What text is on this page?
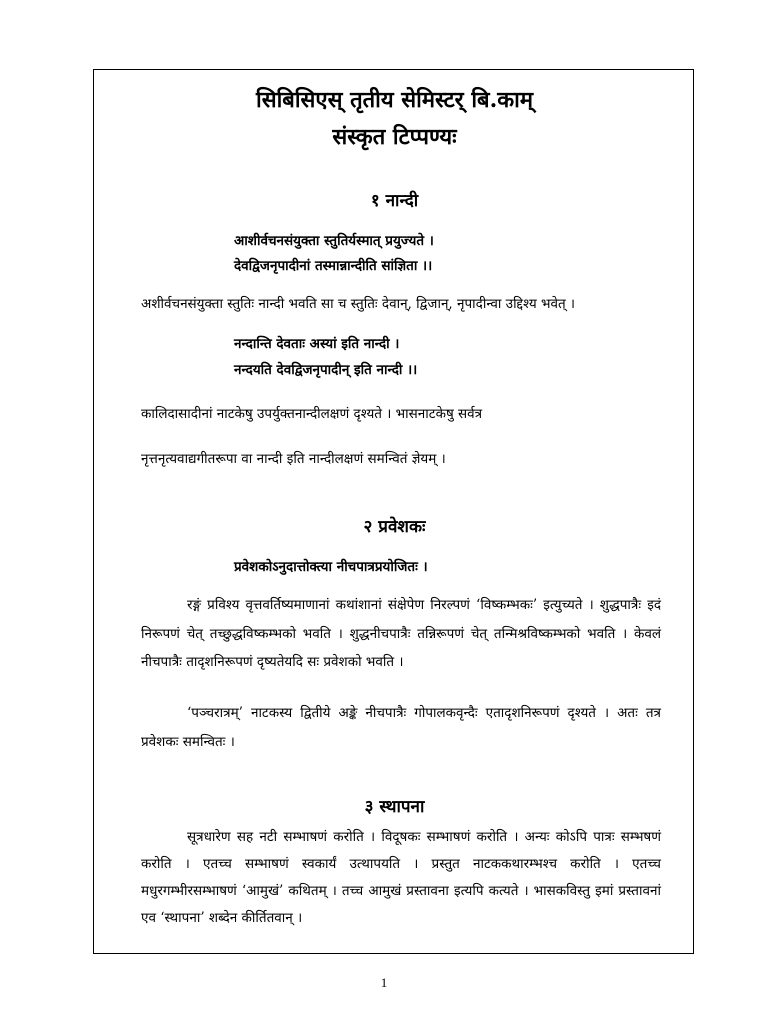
सिबिसिएस् तृतीय सेमिस्टर् बि.काम्

संस्कृत टिप्पण्यः

१ नान्दी

आशीर्वचनसंयुक्ता स्तुतिर्यस्मात् प्रयुज्यते ।

देवद्विजनृपादीनां तस्मान्नान्दीति सांज्ञिता ।।

अशीर्वचनसंयुक्ता स्तुतिः नान्दी भवति सा च स्तुतिः देवान्, द्विजान्, नृपादीन्वा उद्दिश्य भवेत् ।

नन्दान्ति देवताः अस्यां इति नान्दी ।

नन्दयति देवद्विजनृपादीन् इति नान्दी ।।

कालिदासादीनां नाटकेषु उपर्युक्तनान्दीलक्षणं दृश्यते । भासनाटकेषु सर्वत्र

नृत्तनृत्यवाद्यगीतरूपा वा नान्दी इति नान्दीलक्षणं समन्वितं ज्ञेयम् ।

२ प्रवेशकः

प्रवेशकोऽनुदात्तोक्त्या नीचपात्रप्रयोजितः ।

रङ्गं प्रविश्य वृत्तवर्तिष्यमाणानां कथांशानां संक्षेपेण निरल्पणं ‘विष्कम्भकः’ इत्युच्यते । शुद्धपात्रैः इदं निरूपणं चेत् तच्छुद्धविष्कम्भको भवति । शुद्धनीचपात्रैः तन्निरूपणं चेत् तन्मिश्रविष्कम्भको भवति । केवलं नीचपात्रैः तादृशनिरूपणं दृष्यतेयदि सः प्रवेशको भवति ।

‘पञ्चरात्रम्’ नाटकस्य द्वितीये अङ्के नीचपात्रैः गोपालकवृन्दैः एतादृशनिरूपणं दृश्यते । अतः तत्र प्रवेशकः समन्वितः ।

३ स्थापना

सूत्रधारेण सह नटी सम्भाषणं करोति । विदूषकः सम्भाषणं करोति । अन्यः कोऽपि पात्रः सम्भषणं करोति । एतच्च सम्भाषणं स्वकार्यं उत्थापयति । प्रस्तुत नाटककथारम्भश्च करोति । एतच्च मधुरगम्भीरसम्भाषणं ‘आमुखं’ कथितम् । तच्च आमुखं प्रस्तावना इत्यपि कत्यते । भासकविस्तु इमां प्रस्तावनां एव ‘स्थापना’ शब्देन कीर्तितवान् ।

1
